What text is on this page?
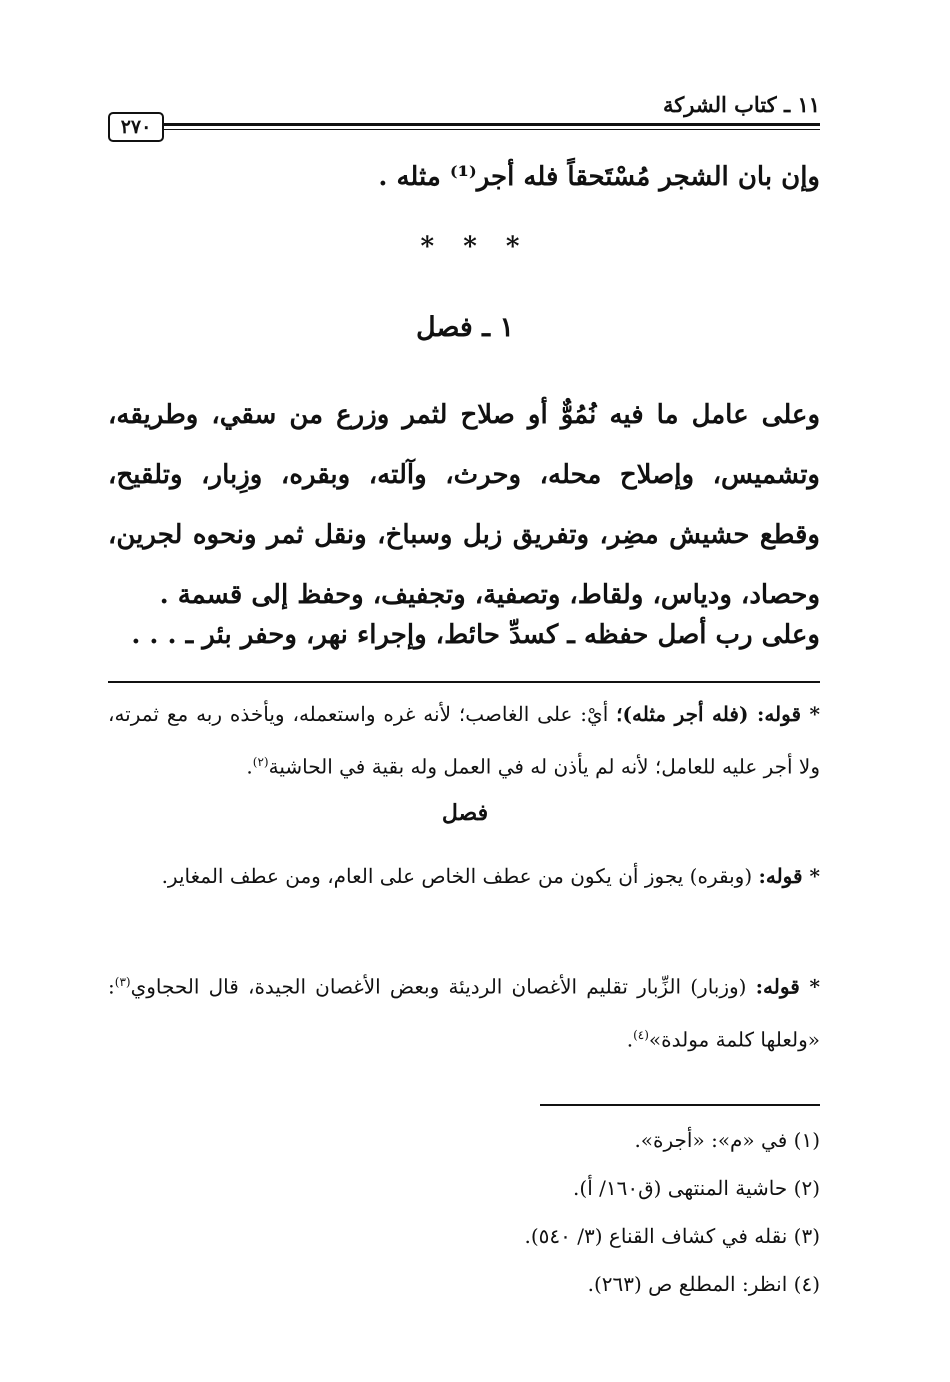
١١ ـ كتاب الشركة
٢٧٠
وإن بان الشجر مُسْتَحقاً فله أجر⁽¹⁾ مثله .
* * *
١ ـ فصل
وعلى عامل ما فيه نُمُوٌّ أو صلاح لثمر وزرع من سقي، وطريقه، وتشميس، وإصلاح محله، وحرث، وآلته، وبقره، وزِبار، وتلقيح، وقطع حشيش مضِر، وتفريق زبل وسباخ، ونقل ثمر ونحوه لجرين، وحصاد، ودياس، ولقاط، وتصفية، وتجفيف، وحفظ إلى قسمة .
وعلى رب أصل حفظه ـ كسدِّ حائط، وإجراء نهر، وحفر بئر ـ . . .
* قوله: (فله أجر مثله)؛ أيْ: على الغاصب؛ لأنه غره واستعمله، ويأخذه ربه مع ثمرته، ولا أجر عليه للعامل؛ لأنه لم يأذن له في العمل وله بقية في الحاشية$^{(٢)}$.
فصل
* قوله: (وبقره) يجوز أن يكون من عطف الخاص على العام، ومن عطف المغاير.
* قوله: (وزبار) الزِّبار تقليم الأغصان الرديئة وبعض الأغصان الجيدة، قال الحجاوي$^{(٣)}$: «ولعلها كلمة مولدة»$^{(٤)}$.
(١) في «م»: «أجرة».
(٢) حاشية المنتهى (ق١٦٠/ أ).
(٣) نقله في كشاف القناع (٣/ ٥٤٠).
(٤) انظر: المطلع ص (٢٦٣).
